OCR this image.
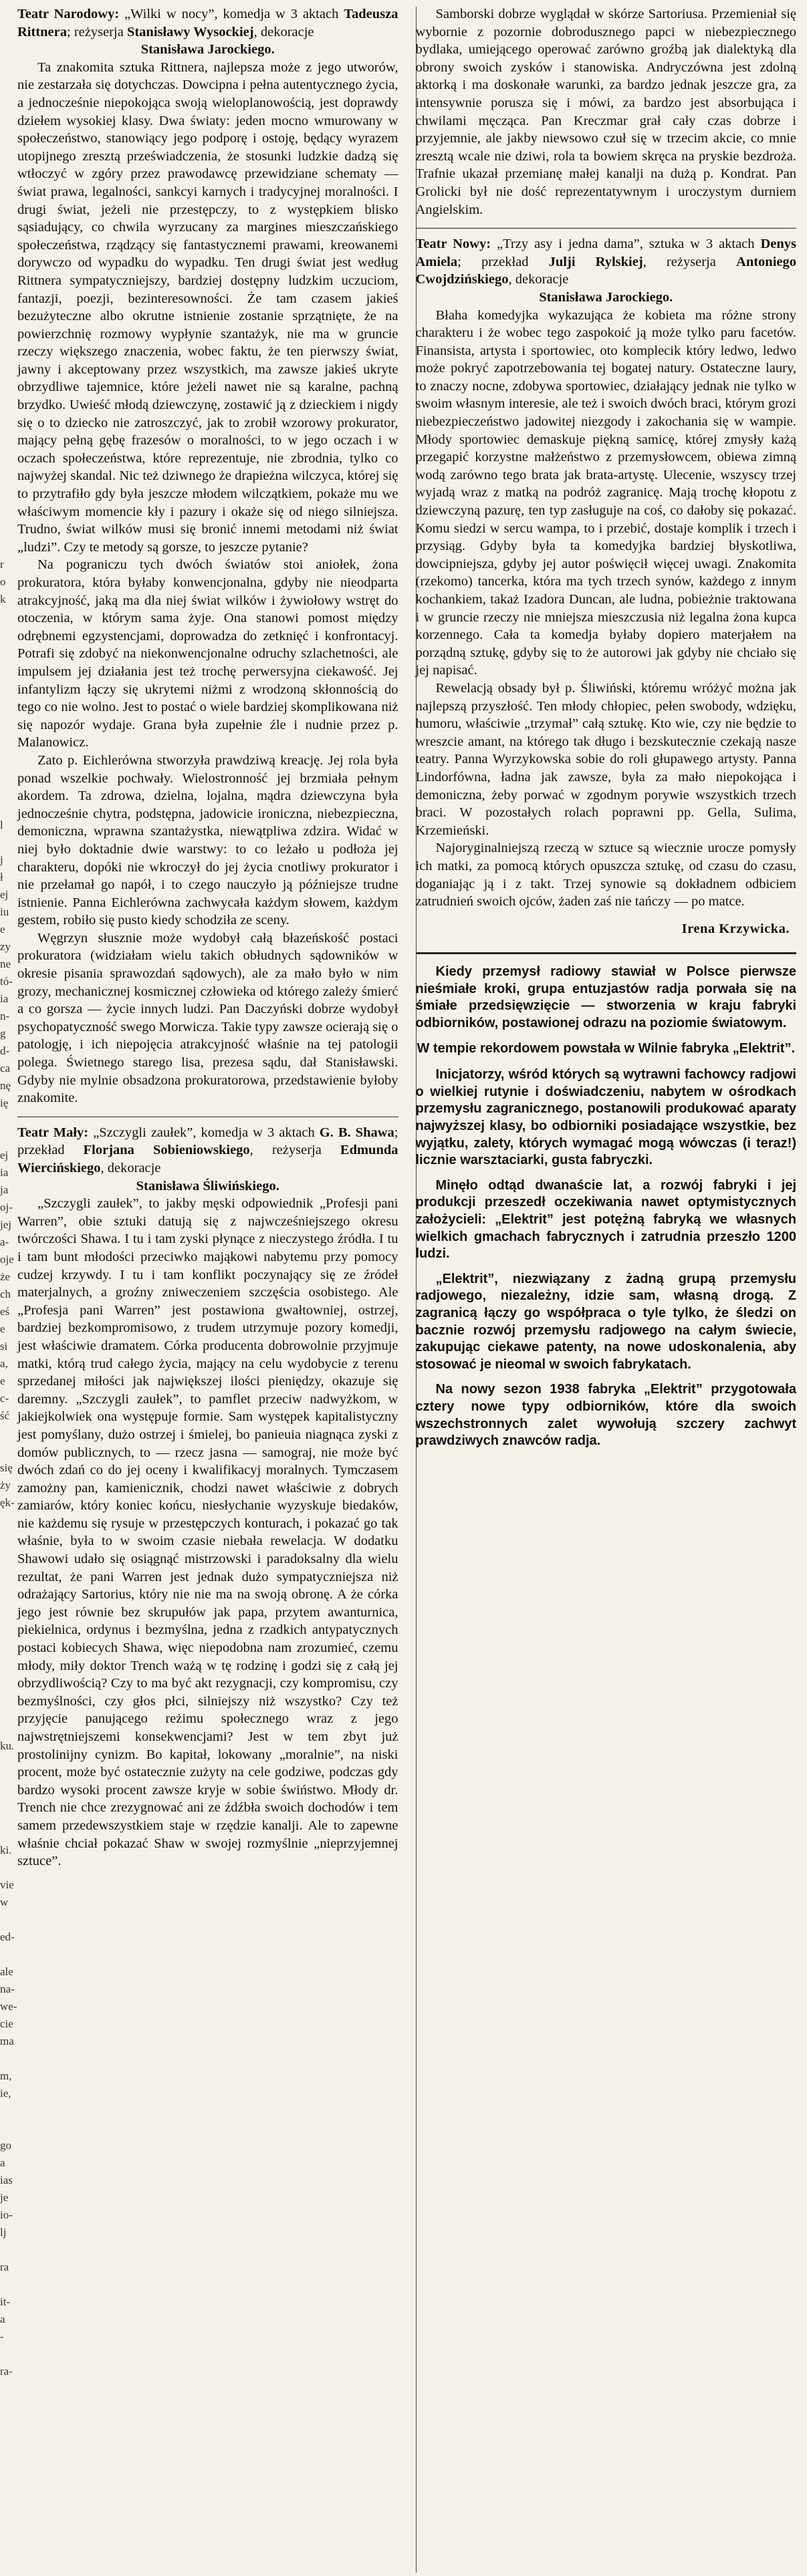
r
o
k

l

j
ł
ej
iu
e
zy
ne
tó-
ia
n-
g
d-
ca
nę
ię

ej
ia
ja
oj-
jej
a-
oje
że
ch
eś
e
si
a,
e
c-
ść

się
ży
ęk-

ku.

ki.

vie
w

ed-

ale
na-
we-
cie
ma

m,
ie,

go
a
ias
je
io-
lj

ra

it-
a
-

ra-

Teatr Narodowy: „Wilki w nocy”, komedja w 3 aktach Tadeusza Rittnera; reżyserja Stanisławy Wysockiej, dekoracje
Stanisława Jarockiego.

Ta znakomita sztuka Rittnera, najlepsza może z jego utworów, nie zestarzała się dotychczas. Dowcipna i pełna autentycznego życia, a jednocześnie niepokojąca swoją wieloplanowością, jest doprawdy dziełem wysokiej klasy. Dwa światy: jeden mocno wmurowany w społeczeństwo, stanowiący jego podporę i ostoję, będący wyrazem utopijnego zresztą przeświadczenia, że stosunki ludzkie dadzą się wtłoczyć w zgóry przez prawodawcę przewidziane schematy — świat prawa, legalności, sankcyi karnych i tradycyjnej moralności. I drugi świat, jeżeli nie przestępczy, to z występkiem blisko sąsiadujący, co chwila wyrzucany za margines mieszczańskiego społeczeństwa, rządzący się fantastycznemi prawami, kreowanemi dorywczo od wypadku do wypadku. Ten drugi świat jest według Rittnera sympatyczniejszy, bardziej dostępny ludzkim uczuciom, fantazji, poezji, bezinteresowności. Że tam czasem jakieś bezużyteczne albo okrutne istnienie zostanie sprzątnięte, że na powierzchnię rozmowy wypłynie szantażyk, nie ma w gruncie rzeczy większego znaczenia, wobec faktu, że ten pierwszy świat, jawny i akceptowany przez wszystkich, ma zawsze jakieś ukryte obrzydliwe tajemnice, które jeżeli nawet nie są karalne, pachną brzydko. Uwieść młodą dziewczynę, zostawić ją z dzieckiem i nigdy się o to dziecko nie zatroszczyć, jak to zrobił wzorowy prokurator, mający pełną gębę frazesów o moralności, to w jego oczach i w oczach społeczeństwa, które reprezentuje, nie zbrodnia, tylko co najwyżej skandal. Nic też dziwnego że drapieżna wilczyca, której się to przytrafiło gdy była jeszcze młodem wilczątkiem, pokaże mu we właściwym momencie kły i pazury i okaże się od niego silniejsza. Trudno, świat wilków musi się bronić innemi metodami niż świat „ludzi”. Czy te metody są gorsze, to jeszcze pytanie?

Na pograniczu tych dwóch światów stoi aniołek, żona prokuratora, która byłaby konwencjonalna, gdyby nie nieodparta atrakcyjność, jaką ma dla niej świat wilków i żywiołowy wstręt do otoczenia, w którym sama żyje. Ona stanowi pomost między odrębnemi egzystencjami, doprowadza do zetknięć i konfrontacyj. Potrafi się zdobyć na niekonwencjonalne odruchy szlachetności, ale impulsem jej działania jest też trochę perwersyjna ciekawość. Jej infantylizm łączy się ukrytemi niżmi z wrodzoną skłonnością do tego co nie wolno. Jest to postać o wiele bardziej skomplikowana niż się napozór wydaje. Grana była zupełnie źle i nudnie przez p. Malanowicz.

Zato p. Eichlerówna stworzyła prawdziwą kreację. Jej rola była ponad wszelkie pochwały. Wielostronność jej brzmiała pełnym akordem. Ta zdrowa, dzielna, lojalna, mądra dziewczyna była jednocześnie chytra, podstępna, jadowicie ironiczna, niebezpieczna, demoniczna, wprawna szantażystka, niewątpliwa zdzira. Widać w niej było doktadnie dwie warstwy: to co leżało u podłoża jej charakteru, dopóki nie wkroczył do jej życia cnotliwy prokurator i nie przełamał go napół, i to czego nauczyło ją późniejsze trudne istnienie. Panna Eichlerówna zachwycała każdym słowem, każdym gestem, robiło się pusto kiedy schodziła ze sceny.

Węgrzyn słusznie może wydobył całą błazeńskość postaci prokuratora (widziałam wielu takich obłudnych sądowników w okresie pisania sprawozdań sądowych), ale za mało było w nim grozy, mechanicznej kosmicznej człowieka od którego zależy śmierć a co gorsza — życie innych ludzi. Pan Daczyński dobrze wydobył psychopatyczność swego Morwicza. Takie typy zawsze ocierają się o patologję, i ich niepojęcia atrakcyjność właśnie na tej patologii polega. Świetnego starego lisa, prezesa sądu, dał Stanisławski. Gdyby nie mylnie obsadzona prokuratorowa, przedstawienie byłoby znakomite.

Teatr Mały: „Szczygli zaułek”, komedja w 3 aktach G. B. Shawa; przekład Florjana Sobieniowskiego, reżyserja Edmunda Wiercińskiego, dekoracje
Stanisława Śliwińskiego.

„Szczygli zaułek”, to jakby męski odpowiednik „Profesji pani Warren”, obie sztuki datują się z najwcześniejszego okresu twórczości Shawa. I tu i tam zyski płynące z nieczystego źródła. I tu i tam bunt młodości przeciwko mająkowi nabytemu przy pomocy cudzej krzywdy. I tu i tam konflikt poczynający się ze źródeł materjalnych, a groźny zniweczeniem szczęścia osobistego. Ale „Profesja pani Warren” jest postawiona gwałtowniej, ostrzej, bardziej bezkompromisowo, z trudem utrzymuje pozory komedji, jest właściwie dramatem. Córka producenta dobrowolnie przyjmuje matki, którą trud całego życia, mający na celu wydobycie z terenu sprzedanej miłości jak największej ilości pieniędzy, okazuje się daremny. „Szczygli zaułek”, to pamflet przeciw nadwyżkom, w jakiejkolwiek ona występuje formie. Sam występek kapitalistyczny jest pomyślany, dużo ostrzej i śmielej, bo panieuia niagnąca zyski z domów publicznych, to — rzecz jasna — samograj, nie może być dwóch zdań co do jej oceny i kwalifikacyj moralnych. Tymczasem zamożny pan, kamienicznik, chodzi nawet właściwie z dobrych zamiarów, który koniec końcu, niesłychanie wyzyskuje biedaków, nie każdemu się rysuje w przestępczych konturach, i pokazać go tak właśnie, była to w swoim czasie niebała rewelacja. W dodatku Shawowi udało się osiągnąć mistrzowski i paradoksalny dla wielu rezultat, że pani Warren jest jednak dużo sympatyczniejsza niż odrażający Sartorius, który nie nie ma na swoją obronę. A że córka jego jest równie bez skrupułów jak papa, przytem awanturnica, piekielnica, ordynus i bezmyślna, jedna z rzadkich antypatycznych postaci kobiecych Shawa, więc niepodobna nam zrozumieć, czemu młody, miły doktor Trench ważą w tę rodzinę i godzi się z całą jej obrzydliwością? Czy to ma być akt rezygnacji, czy kompromisu, czy bezmyślności, czy głos płci, silniejszy niż wszystko? Czy też przyjęcie panującego reżimu społecznego wraz z jego najwstrętniejszemi konsekwencjami? Jest w tem zbyt już prostolinijny cynizm. Bo kapitał, lokowany „moralnie”, na niski procent, może być ostatecznie zużyty na cele godziwe, podczas gdy bardzo wysoki procent zawsze kryje w sobie świństwo. Młody dr. Trench nie chce zrezygnować ani ze źdźbła swoich dochodów i tem samem przedewszystkiem staje w rzędzie kanalji. Ale to zapewne właśnie chciał pokazać Shaw w swojej rozmyślnie „nieprzyjemnej sztuce”.

Samborski dobrze wyglądał w skórze Sartoriusa. Przemieniał się wybornie z pozornie dobrodusznego papci w niebezpiecznego bydlaka, umiejącego operować zarówno groźbą jak dialektyką dla obrony swoich zysków i stanowiska. Andryczówna jest zdolną aktorką i ma doskonałe warunki, za bardzo jednak jeszcze gra, za intensywnie porusza się i mówi, za bardzo jest absorbująca i chwilami męcząca. Pan Kreczmar grał cały czas dobrze i przyjemnie, ale jakby niewsowo czuł się w trzecim akcie, co mnie zresztą wcale nie dziwi, rola ta bowiem skręca na pryskie bezdroża. Trafnie ukazał przemianę małej kanalji na dużą p. Kondrat. Pan Grolicki był nie dość reprezentatywnym i uroczystym durniem Angielskim.

Teatr Nowy: „Trzy asy i jedna dama”, sztuka w 3 aktach Denys Amiela; przekład Julji Rylskiej, reżyserja Antoniego Cwojdzińskiego, dekoracje
Stanisława Jarockiego.

Błaha komedyjka wykazująca że kobieta ma różne strony charakteru i że wobec tego zaspokoić ją może tylko paru facetów. Finansista, artysta i sportowiec, oto komplecik który ledwo, ledwo może pokryć zapotrzebowania tej bogatej natury. Ostateczne laury, to znaczy nocne, zdobywa sportowiec, działający jednak nie tylko w swoim własnym interesie, ale też i swoich dwóch braci, którym grozi niebezpieczeństwo jadowitej niezgody i zakochania się w wampie. Młody sportowiec demaskuje piękną samicę, której zmysły każą przegapić korzystne małżeństwo z przemysłowcem, obiewa zimną wodą zarówno tego brata jak brata-artystę. Ulecenie, wszyscy trzej wyjadą wraz z matką na podróż zagranicę. Mają trochę kłopotu z dziewczyną pazurę, ten typ zasługuje na coś, co dałoby się pokazać. Komu siedzi w sercu wampa, to i przebić, dostaje komplik i trzech i przysiąg. Gdyby była ta komedyjka bardziej błyskotliwa, dowcipniejsza, gdyby jej autor poświęcił więcej uwagi. Znakomita (rzekomo) tancerka, która ma tych trzech synów, każdego z innym kochankiem, takaż Izadora Duncan, ale ludna, pobieżnie traktowana i w gruncie rzeczy nie mniejsza mieszczusia niż legalna żona kupca korzennego. Cała ta komedja byłaby dopiero materjałem na porządną sztukę, gdyby się to że autorowi jak gdyby nie chciało się jej napisać.

Rewelacją obsady był p. Śliwiński, któremu wróżyć można jak najlepszą przyszłość. Ten młody chłopiec, pełen swobody, wdzięku, humoru, właściwie „trzymał” całą sztukę. Kto wie, czy nie będzie to wreszcie amant, na którego tak długo i bezskutecznie czekają nasze teatry. Panna Wyrzykowska sobie do roli głupawego artysty. Panna Lindorfówna, ładna jak zawsze, była za mało niepokojąca i demoniczna, żeby porwać w zgodnym porywie wszystkich trzech braci. W pozostałych rolach poprawni pp. Gella, Sulima, Krzemieński.

Najoryginalniejszą rzeczą w sztuce są wiecznie urocze pomysły ich matki, za pomocą których opuszcza sztukę, od czasu do czasu, doganiając ją i z takt. Trzej synowie są dokładnem odbiciem zatrudnień swoich ojców, żaden zaś nie tańczy — po matce.

Irena Krzywicka.

Kiedy przemysł radiowy stawiał w Polsce pierwsze nieśmiałe kroki, grupa entuzjastów radja porwała się na śmiałe przedsięwzięcie — stworzenia w kraju fabryki odbiorników, postawionej odrazu na poziomie światowym.

W tempie rekordowem powstała w Wilnie fabryka „Elektrit”.

Inicjatorzy, wśród których są wytrawni fachowcy radjowi o wielkiej rutynie i doświadczeniu, nabytem w ośrodkach przemysłu zagranicznego, postanowili produkować aparaty najwyższej klasy, bo odbiorniki posiadające wszystkie, bez wyjątku, zalety, których wymagać mogą wówczas (i teraz!) licznie warsztaciarki, gusta fabryczki.

Minęło odtąd dwanaście lat, a rozwój fabryki i jej produkcji przeszedł oczekiwania nawet optymistycznych założycieli: „Elektrit” jest potężną fabryką we własnych wielkich gmachach fabrycznych i zatrudnia przeszło 1200 ludzi.

„Elektrit”, niezwiązany z żadną grupą przemysłu radjowego, niezależny, idzie sam, własną drogą. Z zagranicą łączy go współpraca o tyle tylko, że śledzi on bacznie rozwój przemysłu radjowego na całym świecie, zakupując ciekawe patenty, na nowe udoskonalenia, aby stosować je nieomal w swoich fabrykatach.

Na nowy sezon 1938 fabryka „Elektrit” przygotowała cztery nowe typy odbiorników, które dla swoich wszechstronnych zalet wywołują szczery zachwyt prawdziwych znawców radja.
